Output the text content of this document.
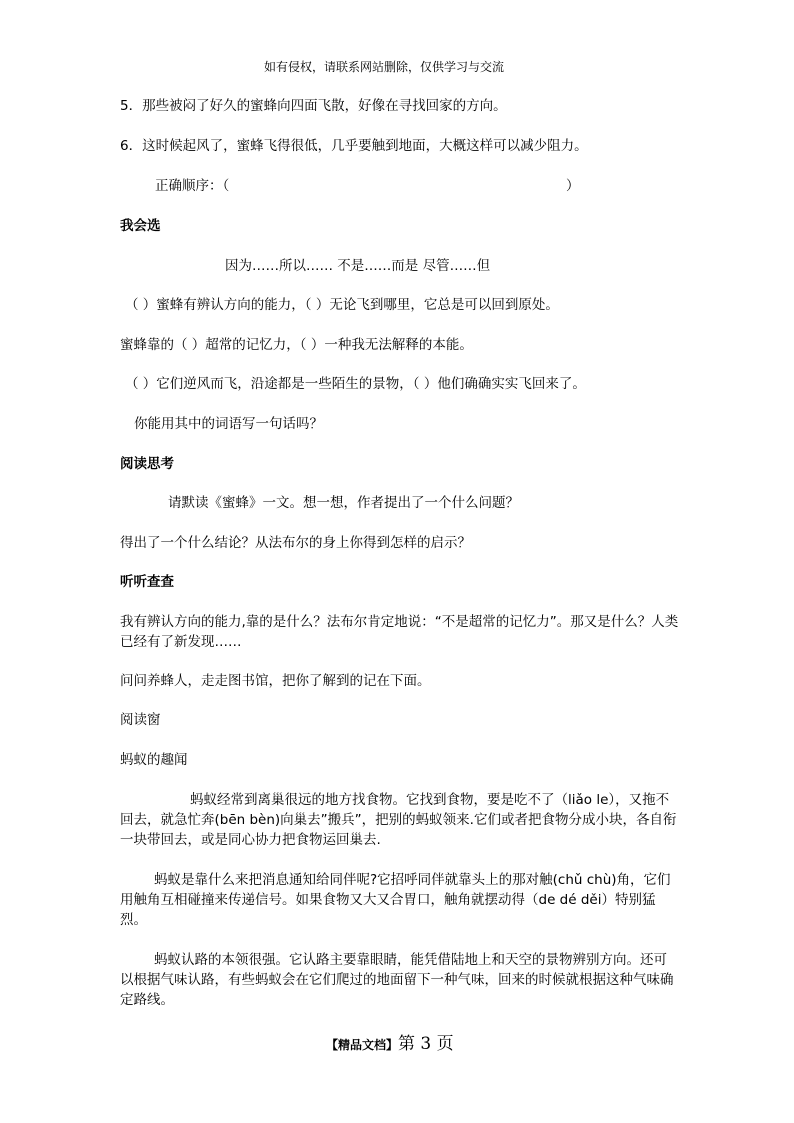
如有侵权，请联系网站删除，仅供学习与交流
5．那些被闷了好久的蜜蜂向四面飞散，好像在寻找回家的方向。
6．这时候起风了，蜜蜂飞得很低，几乎要触到地面，大概这样可以减少阻力。
正确顺序：（	）
我会选
因为……所以…… 不是……而是 尽管……但
（ ）蜜蜂有辨认方向的能力，（ ）无论飞到哪里，它总是可以回到原处。
蜜蜂靠的（ ）超常的记忆力，（ ）一种我无法解释的本能。
（ ）它们逆风而飞，沿途都是一些陌生的景物，（ ）他们确确实实飞回来了。
你能用其中的词语写一句话吗？
阅读思考
请默读《蜜蜂》一文。想一想，作者提出了一个什么问题？
得出了一个什么结论？从法布尔的身上你得到怎样的启示？
听听查查
我有辨认方向的能力,靠的是什么？法布尔肯定地说：“不是超常的记忆力”。那又是什么？人类已经有了新发现……
问问养蜂人，走走图书馆，把你了解到的记在下面。
阅读窗
蚂蚁的趣闻
蚂蚁经常到离巢很远的地方找食物。它找到食物，要是吃不了（liǎo le），又拖不回去，就急忙奔(bēn bèn)向巢去”搬兵”，把别的蚂蚁领来.它们或者把食物分成小块，各自衔一块带回去，或是同心协力把食物运回巢去.
蚂蚁是靠什么来把消息通知给同伴呢?它招呼同伴就靠头上的那对触(chǔ chù)角，它们用触角互相碰撞来传递信号。如果食物又大又合胃口，触角就摆动得（de dé děi）特别猛烈。
蚂蚁认路的本领很强。它认路主要靠眼睛，能凭借陆地上和天空的景物辨别方向。还可以根据气味认路，有些蚂蚁会在它们爬过的地面留下一种气味，回来的时候就根据这种气味确定路线。
【精品文档】第 3 页
